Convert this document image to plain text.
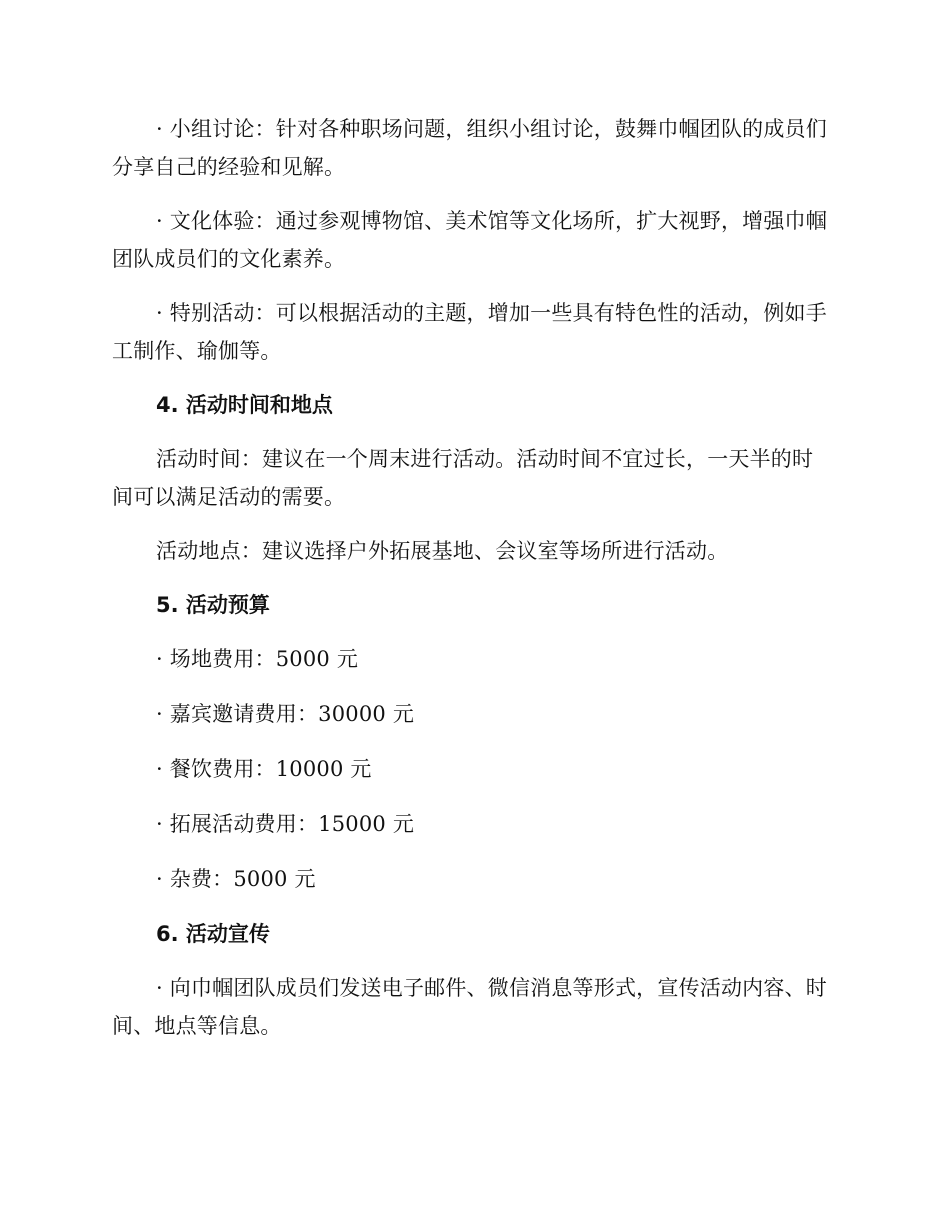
· 小组讨论：针对各种职场问题，组织小组讨论，鼓舞巾帼团队的成员们分享自己的经验和见解。

· 文化体验：通过参观博物馆、美术馆等文化场所，扩大视野，增强巾帼团队成员们的文化素养。

· 特别活动：可以根据活动的主题，增加一些具有特色性的活动，例如手工制作、瑜伽等。

4. 活动时间和地点

活动时间：建议在一个周末进行活动。活动时间不宜过长，一天半的时间可以满足活动的需要。

活动地点：建议选择户外拓展基地、会议室等场所进行活动。

5. 活动预算

· 场地费用：5000 元

· 嘉宾邀请费用：30000 元

· 餐饮费用：10000 元

· 拓展活动费用：15000 元

· 杂费：5000 元

6. 活动宣传

· 向巾帼团队成员们发送电子邮件、微信消息等形式，宣传活动内容、时间、地点等信息。
